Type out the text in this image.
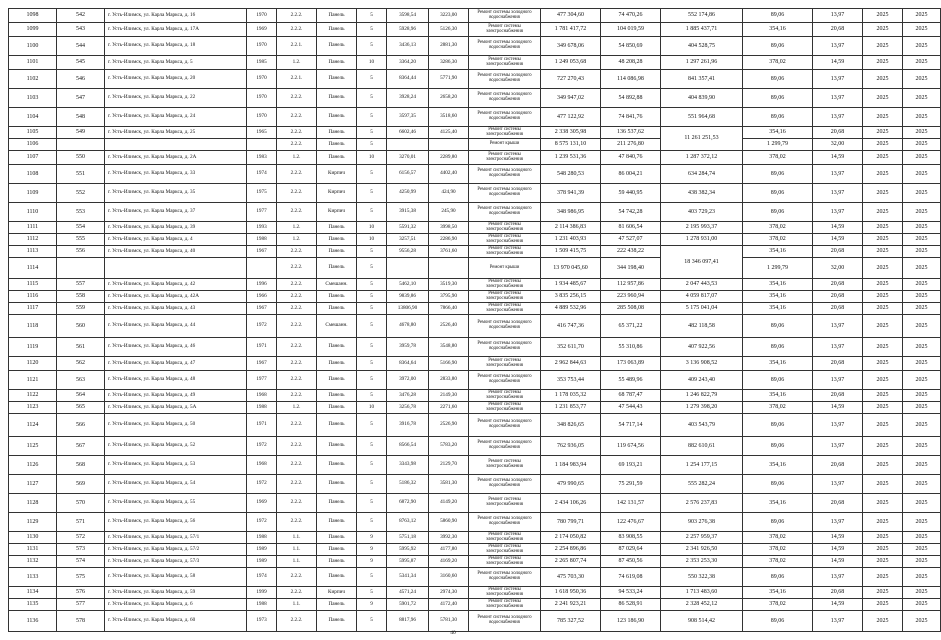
1098	542	г. Усть-Илимск, ул. Карла Маркса, д. 16	1970	2.2.2.	Панель	5	3598,54	3223,00	Ремонт системы холодного водоснабжения	477 304,60	74 470,26	552 174,86	89,06	13,97	2025	2025
1099	543	г. Усть-Илимск, ул. Карла Маркса, д. 17А	1969	2.2.2.	Панель	5	5928,96	5126,30	Ремонт системы электроснабжения	1 781 417,72	104 019,59	1 885 437,71	354,16	20,68	2025	2025
1100	544	г. Усть-Илимск, ул. Карла Маркса, д. 18	1970	2.2.1.	Панель	5	3436,13	2881,30	Ремонт системы холодного водоснабжения	349 678,06	54 850,69	404 528,75	89,06	13,97	2025	2025
1101	545	г. Усть-Илимск, ул. Карла Маркса, д. 5	1985	1.2.	Панель	10	3364,20	3286,30	Ремонт системы электроснабжения	1 249 053,68	48 208,28	1 297 261,96	378,02	14,59	2025	2025
1102	546	г. Усть-Илимск, ул. Карла Маркса, д. 20	1970	2.2.1.	Панель	5	8364,44	5771,90	Ремонт системы холодного водоснабжения	727 270,43	114 086,98	841 357,41	89,06	13,97	2025	2025
1103	547	г. Усть-Илимск, ул. Карла Маркса, д. 22	1970	2.2.2.	Панель	5	3928,24	2658,20	Ремонт системы холодного водоснабжения	349 947,02	54 892,88	404 839,90	89,06	13,97	2025	2025
1104	548	г. Усть-Илимск, ул. Карла Маркса, д. 24	1970	2.2.2.	Панель	5	3597,35	3518,60	Ремонт системы холодного водоснабжения	477 122,92	74 841,76	551 964,68	89,06	13,97	2025	2025
1105	549	г. Усть-Илимск, ул. Карла Маркса, д. 25	1965	2.2.2.	Панель	5	6602,46	4125,40	Ремонт системы электроснабжения	2 338 305,98	136 537,62	11 261 251,53	354,16	20,68	2025	2025
1106				2.2.2.	Панель	5			Ремонт крыши	8 575 131,10	211 276,80		1 299,79	32,00	2025	2025
1107	550	г. Усть-Илимск, ул. Карла Маркса, д. 2А	1983	1.2.	Панель	10	3270,01	2289,80	Ремонт системы электроснабжения	1 239 531,36	47 840,76	1 287 372,12	378,02	14,59	2025	2025
1108	551	г. Усть-Илимск, ул. Карла Маркса, д. 33	1974	2.2.2.	Кирпич	5	6156,57	4402,40	Ремонт системы холодного водоснабжения	548 280,53	86 004,21	634 284,74	89,06	13,97	2025	2025
1109	552	г. Усть-Илимск, ул. Карла Маркса, д. 35	1975	2.2.2.	Кирпич	5	4250,99	424,90	Ремонт системы холодного водоснабжения	378 941,39	59 440,95	438 382,34	89,06	13,97	2025	2025
1110	553	г. Усть-Илимск, ул. Карла Маркса, д. 37	1977	2.2.2.	Кирпич	5	3915,38	245,90	Ремонт системы холодного водоснабжения	348 986,95	54 742,28	403 729,23	89,06	13,97	2025	2025
1111	554	г. Усть-Илимск, ул. Карла Маркса, д. 39	1993	1.2.	Панель	10	5591,32	3998,50	Ремонт системы электроснабжения	2 114 386,83	81 606,54	2 195 993,37	378,02	14,59	2025	2025
1112	555	г. Усть-Илимск, ул. Карла Маркса, д. 4	1988	1.2.	Панель	10	3257,51	2286,90	Ремонт системы электроснабжения	1 231 403,93	47 527,07	1 278 931,00	378,02	14,59	2025	2025
1113	556	г. Усть-Илимск, ул. Карла Маркса, д. 40	1967	2.2.2.	Панель	5	9556,28	3761,60	Ремонт системы электроснабжения	1 509 415,75	222 438,22	18 346 097,41	354,16	20,68	2025	2025
1114				2.2.2.	Панель	5			Ремонт крыши	13 970 045,60	344 198,40		1 299,79	32,00	2025	2025
1115	557	г. Усть-Илимск, ул. Карла Маркса, д. 42	1996	2.2.2.	Смешанн.	5	5462,10	3519,30	Ремонт системы электроснабжения	1 934 485,67	112 957,86	2 047 443,53	354,16	20,68	2025	2025
1116	558	г. Усть-Илимск, ул. Карла Маркса, д. 42А	1966	2.2.2.	Панель	5	9839,86	3795,90	Ремонт системы электроснабжения	3 835 256,15	223 960,94	4 059 817,07	354,16	20,68	2025	2025
1117	559	г. Усть-Илимск, ул. Карла Маркса, д. 43	1967	2.2.2.	Панель	5	13806,90	7866,40	Ремонт системы электроснабжения	4 889 532,96	285 508,08	5 175 041,04	354,16	20,68	2025	2025
1118	560	г. Усть-Илимск, ул. Карла Маркса, д. 44	1972	2.2.2.	Смешанн.	5	4678,80	2526,40	Ремонт системы холодного водоснабжения	416 747,36	65 371,22	482 118,58	89,06	13,97	2025	2025
1119	561	г. Усть-Илимск, ул. Карла Маркса, д. 46	1971	2.2.2.	Панель	5	3959,78	3548,80	Ремонт системы холодного водоснабжения	352 611,70	55 310,86	407 922,56	89,06	13,97	2025	2025
1120	562	г. Усть-Илимск, ул. Карла Маркса, д. 47	1967	2.2.2.	Панель	5	8364,64	5166,90	Ремонт системы электроснабжения	2 962 844,63	173 063,89	3 136 908,52	354,16	20,68	2025	2025
1121	563	г. Усть-Илимск, ул. Карла Маркса, д. 48	1977	2.2.2.	Панель	5	3972,00	2833,80	Ремонт системы холодного водоснабжения	353 753,44	55 489,96	409 243,40	89,06	13,97	2025	2025
1122	564	г. Усть-Илимск, ул. Карла Маркса, д. 49	1968	2.2.2.	Панель	5	3476,28	2149,30	Ремонт системы электроснабжения	1 178 035,32	68 787,47	1 246 822,79	354,16	20,68	2025	2025
1123	565	г. Усть-Илимск, ул. Карла Маркса, д. 5А	1988	1.2.	Панель	10	3256,78	2271,60	Ремонт системы электроснабжения	1 231 853,77	47 544,43	1 279 398,20	378,02	14,59	2025	2025
1124	566	г. Усть-Илимск, ул. Карла Маркса, д. 50	1971	2.2.2.	Панель	5	3916,78	2526,90	Ремонт системы холодного водоснабжения	348 826,65	54 717,14	403 543,79	89,06	13,97	2025	2025
1125	567	г. Усть-Илимск, ул. Карла Маркса, д. 52	1972	2.2.2.	Панель	5	8566,54	5783,20	Ремонт системы холодного водоснабжения	762 936,05	119 674,56	882 610,61	89,06	13,97	2025	2025
1126	568	г. Усть-Илимск, ул. Карла Маркса, д. 53	1968	2.2.2.	Панель	5	3343,98	2129,70	Ремонт системы электроснабжения	1 184 983,94	69 193,21	1 254 177,15	354,16	20,68	2025	2025
1127	569	г. Усть-Илимск, ул. Карла Маркса, д. 54	1972	2.2.2.	Панель	5	5186,32	3581,30	Ремонт системы холодного водоснабжения	479 990,65	75 291,59	555 282,24	89,06	13,97	2025	2025
1128	570	г. Усть-Илимск, ул. Карла Маркса, д. 55	1969	2.2.2.	Панель	5	6872,90	4149,20	Ремонт системы электроснабжения	2 434 106,26	142 131,57	2 576 237,83	354,16	20,68	2025	2025
1129	571	г. Усть-Илимск, ул. Карла Маркса, д. 56	1972	2.2.2.	Панель	5	8763,12	5860,90	Ремонт системы холодного водоснабжения	780 799,71	122 476,67	903 276,38	89,06	13,97	2025	2025
1130	572	г. Усть-Илимск, ул. Карла Маркса, д. 57/1	1988	1.1.	Панель	9	5751,18	3992,30	Ремонт системы электроснабжения	2 174 050,82	83 908,55	2 257 959,37	378,02	14,59	2025	2025
1131	573	г. Усть-Илимск, ул. Карла Маркса, д. 57/2	1989	1.1.	Панель	9	5995,92	4177,80	Ремонт системы электроснабжения	2 254 896,86	87 029,64	2 341 926,50	378,02	14,59	2025	2025
1132	574	г. Усть-Илимск, ул. Карла Маркса, д. 57/3	1989	1.1.	Панель	9	5995,87	4169,20	Ремонт системы электроснабжения	2 265 807,74	87 450,56	2 353 253,30	378,02	14,59	2025	2025
1133	575	г. Усть-Илимск, ул. Карла Маркса, д. 58	1974	2.2.2.	Панель	5	5341,34	3160,60	Ремонт системы холодного водоснабжения	475 703,30	74 619,08	550 322,38	89,06	13,97	2025	2025
1134	576	г. Усть-Илимск, ул. Карла Маркса, д. 59	1999	2.2.2.	Кирпич	5	4571,24	2974,30	Ремонт системы электроснабжения	1 618 950,36	94 533,24	1 713 483,60	354,16	20,68	2025	2025
1135	577	г. Усть-Илимск, ул. Карла Маркса, д. 6	1988	1.1.	Панель	9	5901,72	4172,40	Ремонт системы электроснабжения	2 241 923,21	86 528,91	2 328 452,12	378,02	14,59	2025	2025
1136	578	г. Усть-Илимск, ул. Карла Маркса, д. 60	1973	2.2.2.	Панель	5	8817,96	5781,30	Ремонт системы холодного водоснабжения	785 327,52	123 186,90	908 514,42	89,06	13,97	2025	2025
40
